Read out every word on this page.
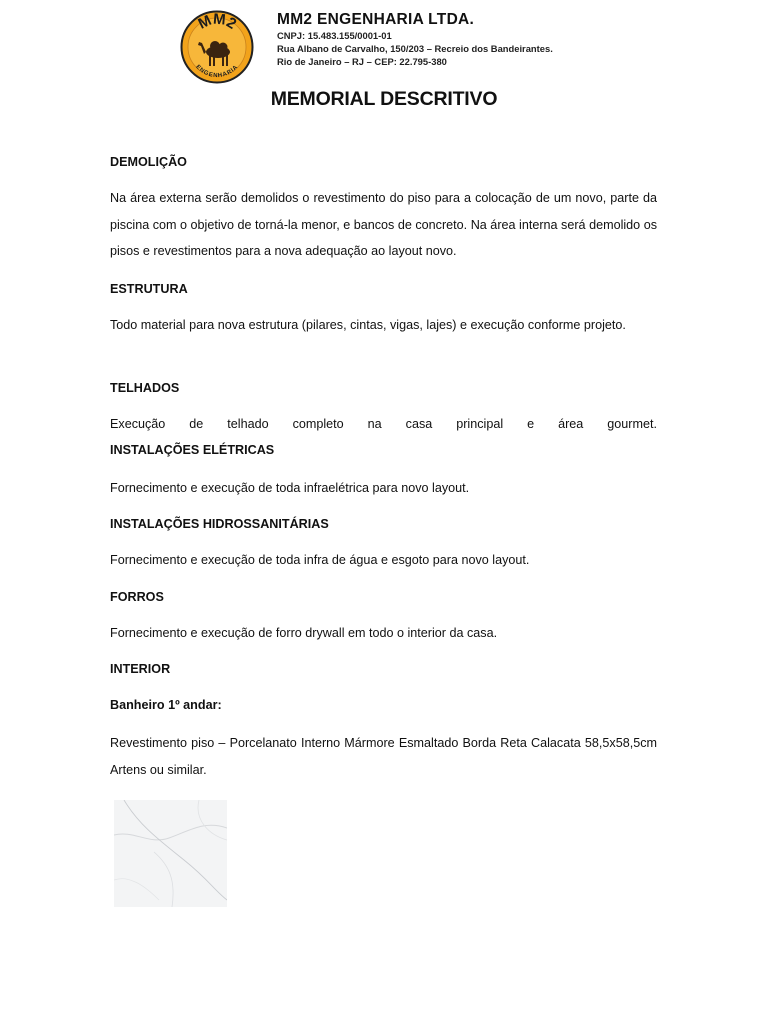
MM2
ENGENHARIA
MM2 ENGENHARIA LTDA.
CNPJ: 15.483.155/0001-01
Rua Albano de Carvalho, 150/203 – Recreio dos Bandeirantes.
Rio de Janeiro – RJ – CEP: 22.795-380
MEMORIAL DESCRITIVO
DEMOLIÇÃO
Na área externa serão demolidos o revestimento do piso para a colocação de um novo, parte da piscina com o objetivo de torná-la menor, e bancos de concreto. Na área interna será demolido os pisos e revestimentos para a nova adequação ao layout novo.
ESTRUTURA
Todo material para nova estrutura (pilares, cintas, vigas, lajes) e execução conforme projeto.
TELHADOS
Execução de telhado completo na casa principal e área gourmet.
INSTALAÇÕES ELÉTRICAS
Fornecimento e execução de toda infraelétrica para novo layout.
INSTALAÇÕES HIDROSSANITÁRIAS
Fornecimento e execução de toda infra de água e esgoto para novo layout.
FORROS
Fornecimento e execução de forro drywall em todo o interior da casa.
INTERIOR
Banheiro 1º andar:
Revestimento piso – Porcelanato Interno Mármore Esmaltado Borda Reta Calacata 58,5x58,5cm Artens ou similar.
